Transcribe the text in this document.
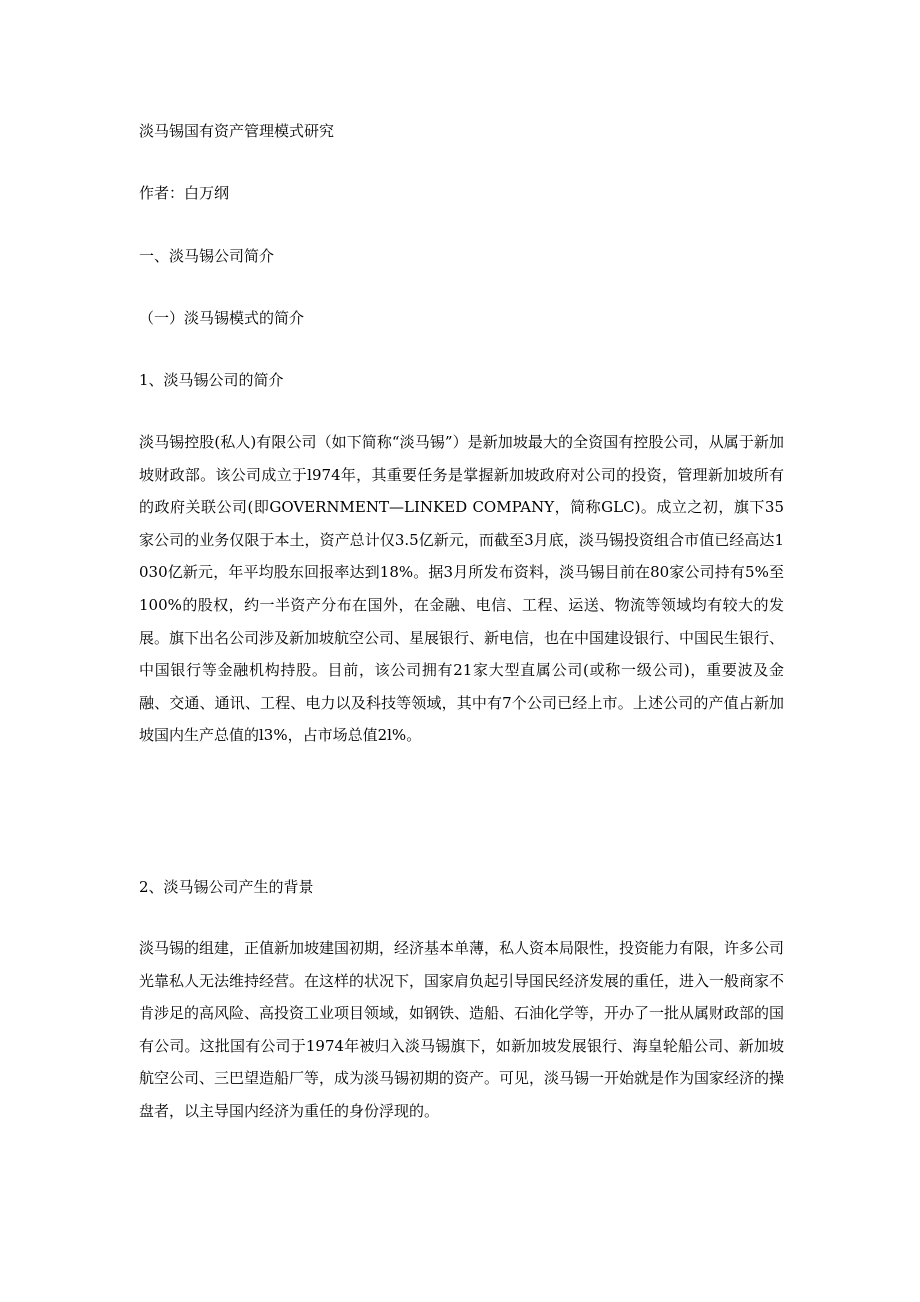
淡马锡国有资产管理模式研究

作者：白万纲

一、淡马锡公司简介

（一）淡马锡模式的简介

1、淡马锡公司的简介

淡马锡控股(私人)有限公司（如下简称“淡马锡”）是新加坡最大的全资国有控股公司，从属于新加坡财政部。该公司成立于l974年，其重要任务是掌握新加坡政府对公司的投资，管理新加坡所有的政府关联公司(即GOVERNMENT—LINKED COMPANY，简称GLC)。成立之初，旗下35家公司的业务仅限于本土，资产总计仅3.5亿新元，而截至3月底，淡马锡投资组合市值已经高达1030亿新元，年平均股东回报率达到18%。据3月所发布资料，淡马锡目前在80家公司持有5%至100%的股权，约一半资产分布在国外，在金融、电信、工程、运送、物流等领域均有较大的发展。旗下出名公司涉及新加坡航空公司、星展银行、新电信，也在中国建设银行、中国民生银行、中国银行等金融机构持股。目前，该公司拥有21家大型直属公司(或称一级公司)，重要波及金融、交通、通讯、工程、电力以及科技等领域，其中有7个公司已经上市。上述公司的产值占新加坡国内生产总值的l3%，占市场总值2l%。

2、淡马锡公司产生的背景

淡马锡的组建，正值新加坡建国初期，经济基本单薄，私人资本局限性，投资能力有限，许多公司光靠私人无法维持经营。在这样的状况下，国家肩负起引导国民经济发展的重任，进入一般商家不肯涉足的高风险、高投资工业项目领域，如钢铁、造船、石油化学等，开办了一批从属财政部的国有公司。这批国有公司于1974年被归入淡马锡旗下，如新加坡发展银行、海皇轮船公司、新加坡航空公司、三巴望造船厂等，成为淡马锡初期的资产。可见，淡马锡一开始就是作为国家经济的操盘者，以主导国内经济为重任的身份浮现的。
